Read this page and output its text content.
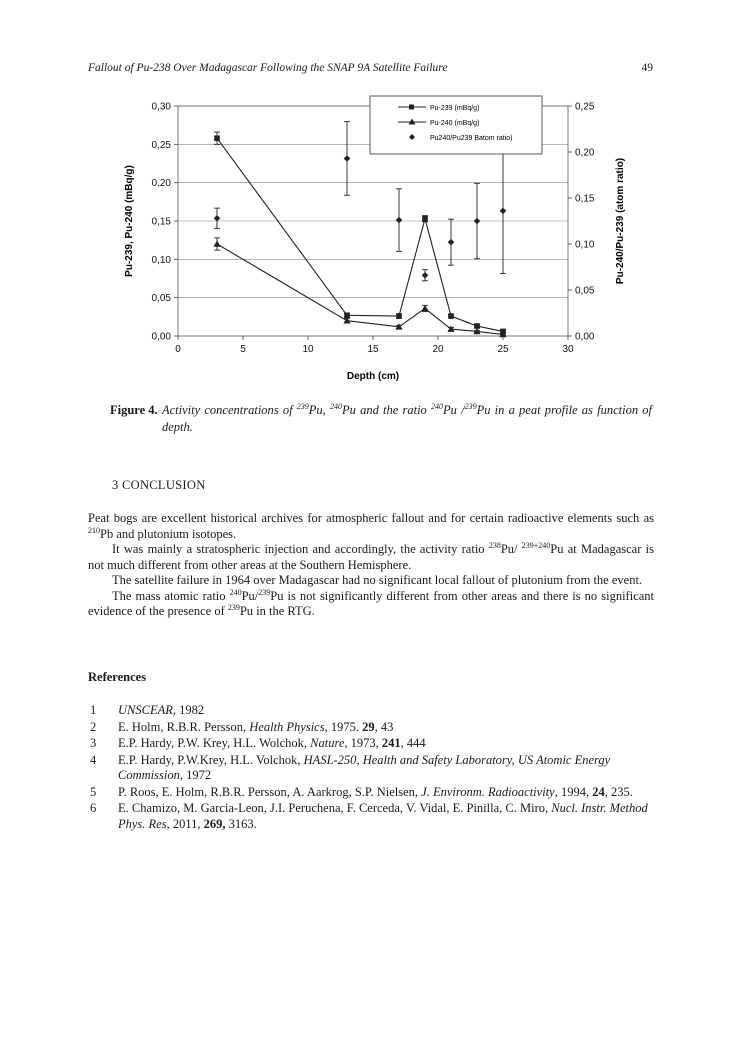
Fallout of Pu-238 Over Madagascar Following the SNAP 9A Satellite Failure	49
0,00
0,05
0,10
0,15
0,20
0,25
0,30
0,00
0,05
0,10
0,15
0,20
0,25
0	5	10	15	20	25	30
Depth (cm)
Pu-239, Pu-240 (mBq/g)	Pu-240/Pu-239 (atom ratio)
Pu-239 (mBq/g)
Pu-240 (mBq/g)
Pu240/Pu239 Batom ratio)
Figure 4. Activity concentrations of $^{239}$Pu, $^{240}$Pu and the ratio $^{240}$Pu /$^{239}$Pu in a peat profile as function of depth.
3 CONCLUSION

Peat bogs are excellent historical archives for atmospheric fallout and for certain radioactive elements such as $^{210}$Pb and plutonium isotopes.

It was mainly a stratospheric injection and accordingly, the activity ratio $^{238}$Pu/ $^{239+240}$Pu at Madagascar is not much different from other areas at the Southern Hemisphere.

The satellite failure in 1964 over Madagascar had no significant local fallout of plutonium from the event.

The mass atomic ratio $^{240}$Pu/$^{239}$Pu is not significantly different from other areas and there is no significant evidence of the presence of $^{239}$Pu in the RTG.

References
1 UNSCEAR, 1982
2 E. Holm, R.B.R. Persson, Health Physics, 1975. 29, 43
3 E.P. Hardy, P.W. Krey, H.L. Wolchok, Nature, 1973, 241, 444
4 E.P. Hardy, P.W.Krey, H.L. Volchok, HASL-250, Health and Safety Laboratory, US Atomic Energy Commission, 1972
5 P. Roos, E. Holm, R.B.R. Persson, A. Aarkrog, S.P. Nielsen, J. Environm. Radioactivity, 1994, 24, 235.
6 E. Chamizo, M. Garcia-Leon, J.I. Peruchena, F. Cerceda, V. Vidal, E. Pinilla, C. Miro, Nucl. Instr. Method Phys. Res, 2011, 269, 3163.
